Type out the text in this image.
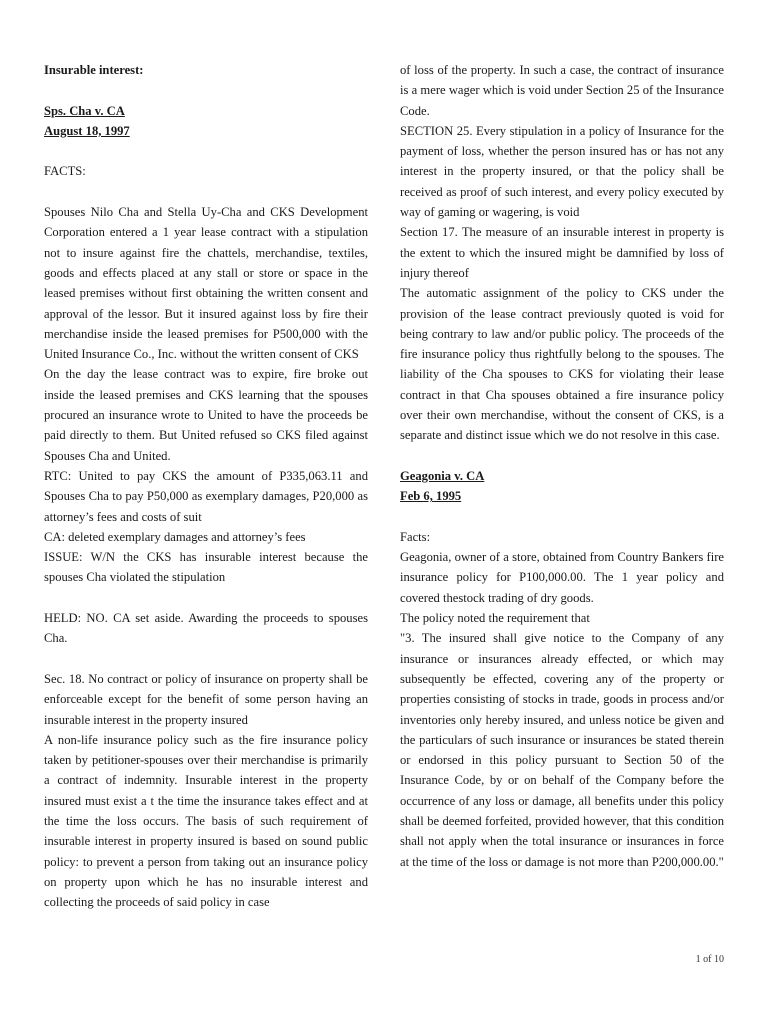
Insurable interest:

Sps. Cha v. CA

August 18, 1997

FACTS:

Spouses Nilo Cha and Stella Uy-Cha and CKS Development Corporation entered a 1 year lease contract with a stipulation not to insure against fire the chattels, merchandise, textiles, goods and effects placed at any stall or store or space in the leased premises without first obtaining the written consent and approval of the lessor. But it insured against loss by fire their merchandise inside the leased premises for P500,000 with the United Insurance Co., Inc. without the written consent of CKS

On the day the lease contract was to expire, fire broke out inside the leased premises and CKS learning that the spouses procured an insurance wrote to United to have the proceeds be paid directly to them. But United refused so CKS filed against Spouses Cha and United.

RTC: United to pay CKS the amount of P335,063.11 and Spouses Cha to pay P50,000 as exemplary damages, P20,000 as attorney’s fees and costs of suit

CA: deleted exemplary damages and attorney’s fees

ISSUE: W/N the CKS has insurable interest because the spouses Cha violated the stipulation

HELD: NO. CA set aside. Awarding the proceeds to spouses Cha.

Sec. 18. No contract or policy of insurance on property shall be enforceable except for the benefit of some person having an insurable interest in the property insured

A non-life insurance policy such as the fire insurance policy taken by petitioner-spouses over their merchandise is primarily a contract of indemnity. Insurable interest in the property insured must exist a t the time the insurance takes effect and at the time the loss occurs. The basis of such requirement of insurable interest in property insured is based on sound public policy: to prevent a person from taking out an insurance policy on property upon which he has no insurable interest and collecting the proceeds of said policy in case

of loss of the property. In such a case, the contract of insurance is a mere wager which is void under Section 25 of the Insurance Code.

SECTION 25. Every stipulation in a policy of Insurance for the payment of loss, whether the person insured has or has not any interest in the property insured, or that the policy shall be received as proof of such interest, and every policy executed by way of gaming or wagering, is void

Section 17. The measure of an insurable interest in property is the extent to which the insured might be damnified by loss of injury thereof

The automatic assignment of the policy to CKS under the provision of the lease contract previously quoted is void for being contrary to law and/or public policy. The proceeds of the fire insurance policy thus rightfully belong to the spouses. The liability of the Cha spouses to CKS for violating their lease contract in that Cha spouses obtained a fire insurance policy over their own merchandise, without the consent of CKS, is a separate and distinct issue which we do not resolve in this case.

Geagonia v. CA

Feb 6, 1995

Facts:

Geagonia, owner of a store, obtained from Country Bankers fire insurance policy for P100,000.00. The 1 year policy and covered thestock trading of dry goods.

The policy noted the requirement that

"3. The insured shall give notice to the Company of any insurance or insurances already effected, or which may subsequently be effected, covering any of the property or properties consisting of stocks in trade, goods in process and/or inventories only hereby insured, and unless notice be given and the particulars of such insurance or insurances be stated therein or endorsed in this policy pursuant to Section 50 of the Insurance Code, by or on behalf of the Company before the occurrence of any loss or damage, all benefits under this policy shall be deemed forfeited, provided however, that this condition shall not apply when the total insurance or insurances in force at the time of the loss or damage is not more than P200,000.00."

1 of 10
